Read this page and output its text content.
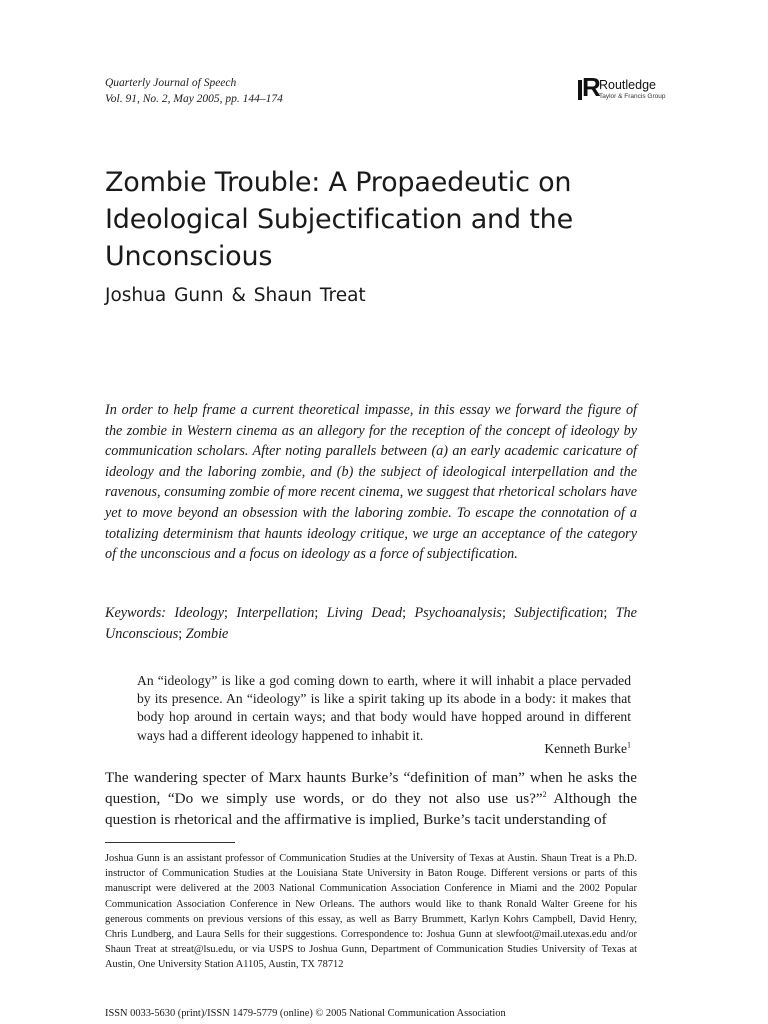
Quarterly Journal of Speech
Vol. 91, No. 2, May 2005, pp. 144–174	R
Routledge
Taylor & Francis Group
Zombie Trouble: A Propaedeutic on Ideological Subjectification and the Unconscious
Joshua Gunn & Shaun Treat

In order to help frame a current theoretical impasse, in this essay we forward the figure of the zombie in Western cinema as an allegory for the reception of the concept of ideology by communication scholars. After noting parallels between (a) an early academic caricature of ideology and the laboring zombie, and (b) the subject of ideological interpellation and the ravenous, consuming zombie of more recent cinema, we suggest that rhetorical scholars have yet to move beyond an obsession with the laboring zombie. To escape the connotation of a totalizing determinism that haunts ideology critique, we urge an acceptance of the category of the unconscious and a focus on ideology as a force of subjectification.

Keywords: Ideology; Interpellation; Living Dead; Psychoanalysis; Subjectification; The Unconscious; Zombie

An “ideology” is like a god coming down to earth, where it will inhabit a place pervaded by its presence. An “ideology” is like a spirit taking up its abode in a body: it makes that body hop around in certain ways; and that body would have hopped around in different ways had a different ideology happened to inhabit it.

Kenneth Burke$^1$

The wandering specter of Marx haunts Burke’s “definition of man” when he asks the question, “Do we simply use words, or do they not also use us?”$^2$ Although the question is rhetorical and the affirmative is implied, Burke’s tacit understanding of

Joshua Gunn is an assistant professor of Communication Studies at the University of Texas at Austin. Shaun Treat is a Ph.D. instructor of Communication Studies at the Louisiana State University in Baton Rouge. Different versions or parts of this manuscript were delivered at the 2003 National Communication Association Conference in Miami and the 2002 Popular Communication Association Conference in New Orleans. The authors would like to thank Ronald Walter Greene for his generous comments on previous versions of this essay, as well as Barry Brummett, Karlyn Kohrs Campbell, David Henry, Chris Lundberg, and Laura Sells for their suggestions. Correspondence to: Joshua Gunn at slewfoot@mail.utexas.edu and/or Shaun Treat at streat@lsu.edu, or via USPS to Joshua Gunn, Department of Communication Studies University of Texas at Austin, One University Station A1105, Austin, TX 78712

ISSN 0033-5630 (print)/ISSN 1479-5779 (online) © 2005 National Communication Association
